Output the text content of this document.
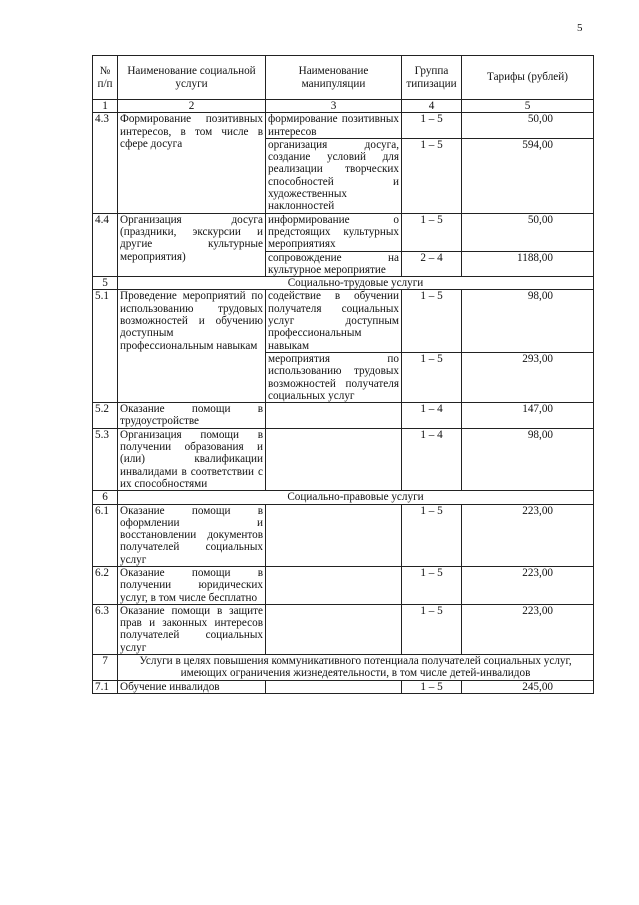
5
№ п/п	Наименование социальной услуги	Наименование манипуляции	Группа типизации	Тарифы (рублей)
1	2	3	4	5
4.3	Формирование позитивных интересов, в том числе в сфере досуга	формирование позитивных интересов	1 – 5	50,00
		организация досуга, создание условий для реализации творческих способностей и художественных наклонностей	1 – 5	594,00
4.4	Организация досуга (праздники, экскурсии и другие культурные мероприятия)	информирование о предстоящих культурных мероприятиях	1 – 5	50,00
		сопровождение на культурное мероприятие	2 – 4	1188,00
5	Социально-трудовые услуги			
5.1	Проведение мероприятий по использованию трудовых возможностей и обучению доступным профессиональным навыкам	содействие в обучении получателя социальных услуг доступным профессиональным навыкам	1 – 5	98,00
		мероприятия по использованию трудовых возможностей получателя социальных услуг	1 – 5	293,00
5.2	Оказание помощи в трудоустройстве		1 – 4	147,00
5.3	Организация помощи в получении образования и (или) квалификации инвалидами в соответствии с их способностями		1 – 4	98,00
6	Социально-правовые услуги			
6.1	Оказание помощи в оформлении и восстановлении документов получателей социальных услуг		1 – 5	223,00
6.2	Оказание помощи в получении юридических услуг, в том числе бесплатно		1 – 5	223,00
6.3	Оказание помощи в защите прав и законных интересов получателей социальных услуг		1 – 5	223,00
7	Услуги в целях повышения коммуникативного потенциала получателей социальных услуг, имеющих ограничения жизнедеятельности, в том числе детей-инвалидов			
7.1	Обучение инвалидов		1 – 5	245,00
